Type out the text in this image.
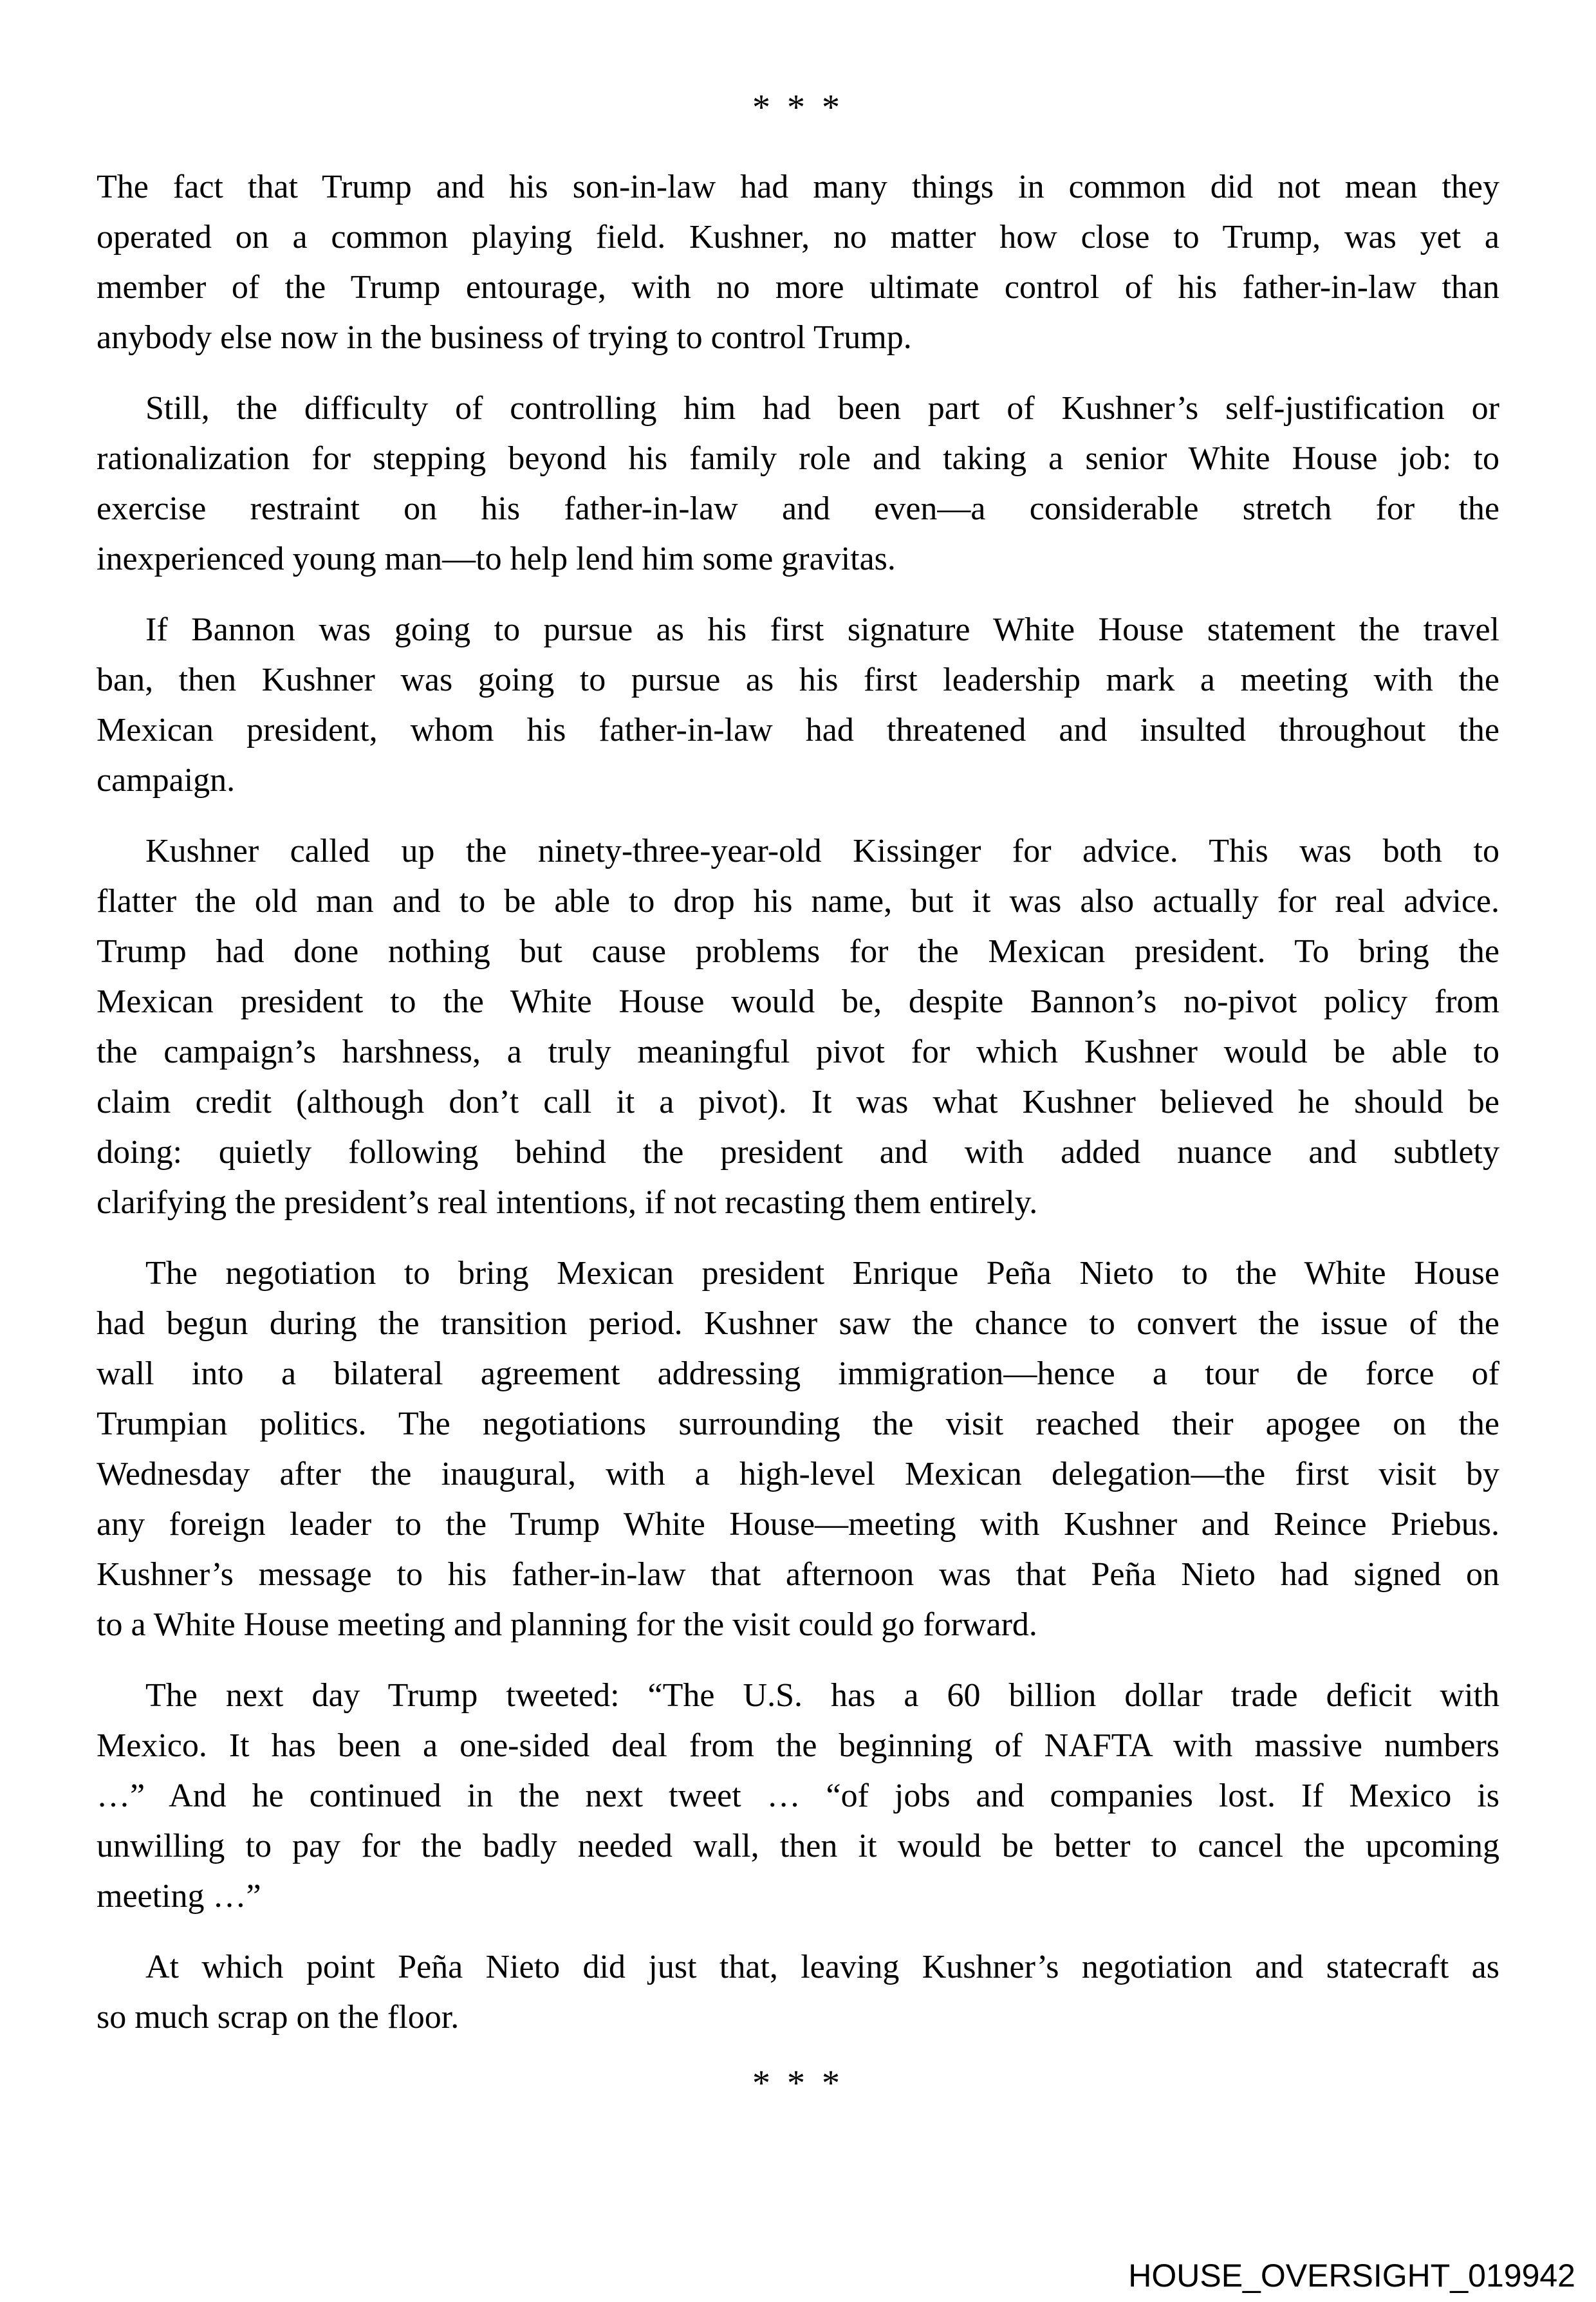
* * *
The fact that Trump and his son-in-law had many things in common did not mean they
operated on a common playing field. Kushner, no matter how close to Trump, was yet a
member of the Trump entourage, with no more ultimate control of his father-in-law than
anybody else now in the business of trying to control Trump.
Still, the difficulty of controlling him had been part of Kushner’s self-justification or
rationalization for stepping beyond his family role and taking a senior White House job: to
exercise restraint on his father-in-law and even—a considerable stretch for the
inexperienced young man—to help lend him some gravitas.
If Bannon was going to pursue as his first signature White House statement the travel
ban, then Kushner was going to pursue as his first leadership mark a meeting with the
Mexican president, whom his father-in-law had threatened and insulted throughout the
campaign.
Kushner called up the ninety-three-year-old Kissinger for advice. This was both to
flatter the old man and to be able to drop his name, but it was also actually for real advice.
Trump had done nothing but cause problems for the Mexican president. To bring the
Mexican president to the White House would be, despite Bannon’s no-pivot policy from
the campaign’s harshness, a truly meaningful pivot for which Kushner would be able to
claim credit (although don’t call it a pivot). It was what Kushner believed he should be
doing: quietly following behind the president and with added nuance and subtlety
clarifying the president’s real intentions, if not recasting them entirely.
The negotiation to bring Mexican president Enrique Peña Nieto to the White House
had begun during the transition period. Kushner saw the chance to convert the issue of the
wall into a bilateral agreement addressing immigration—hence a tour de force of
Trumpian politics. The negotiations surrounding the visit reached their apogee on the
Wednesday after the inaugural, with a high-level Mexican delegation—the first visit by
any foreign leader to the Trump White House—meeting with Kushner and Reince Priebus.
Kushner’s message to his father-in-law that afternoon was that Peña Nieto had signed on
to a White House meeting and planning for the visit could go forward.
The next day Trump tweeted: “The U.S. has a 60 billion dollar trade deficit with
Mexico. It has been a one-sided deal from the beginning of NAFTA with massive numbers
…” And he continued in the next tweet … “of jobs and companies lost. If Mexico is
unwilling to pay for the badly needed wall, then it would be better to cancel the upcoming
meeting …”
At which point Peña Nieto did just that, leaving Kushner’s negotiation and statecraft as
so much scrap on the floor.
* * *
HOUSE_OVERSIGHT_019942
